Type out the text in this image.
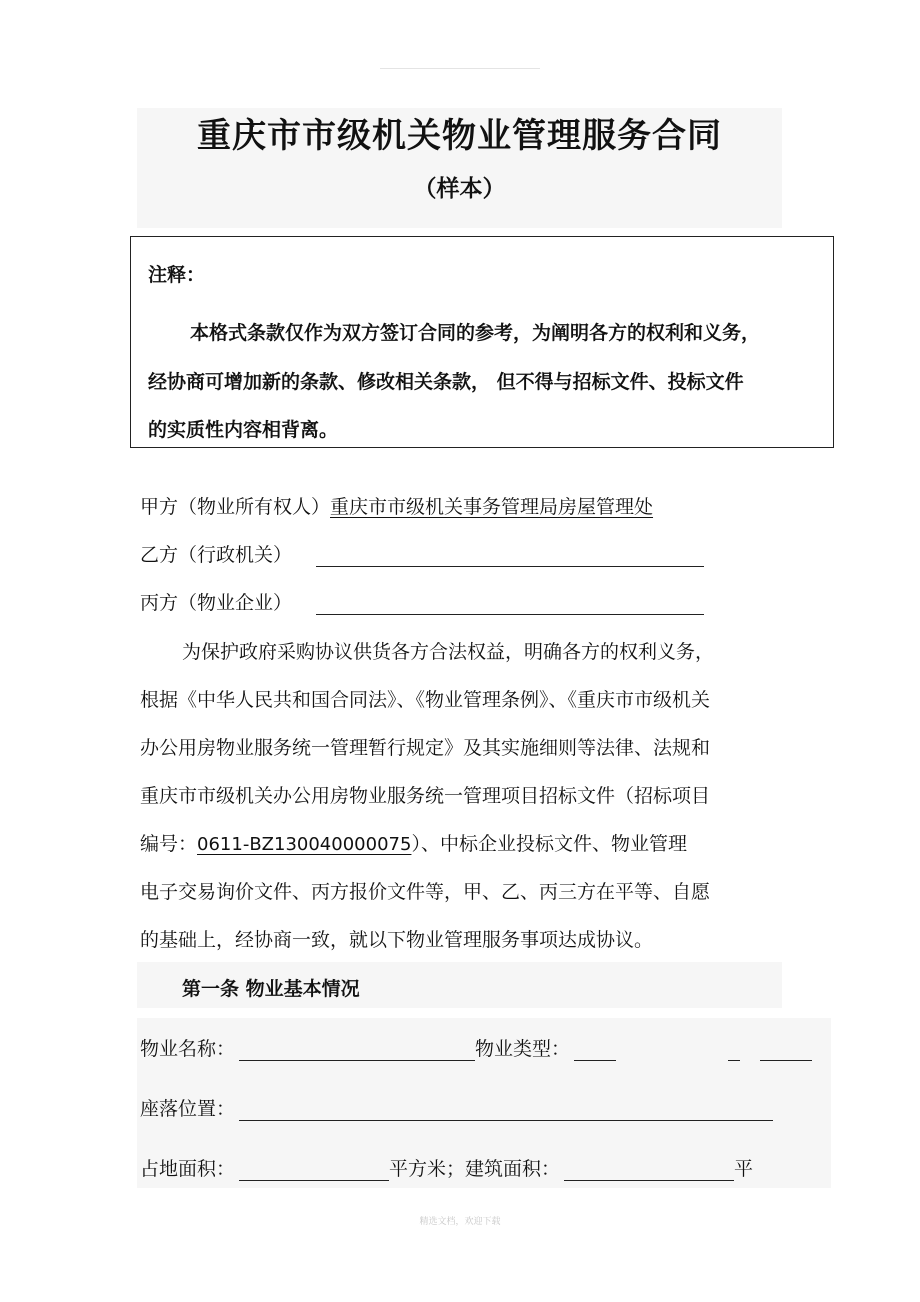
重庆市市级机关物业管理服务合同
（样本）
注释：
本格式条款仅作为双方签订合同的参考，为阐明各方的权利和义务，
经协商可增加新的条款、修改相关条款， 但不得与招标文件、投标文件
的实质性内容相背离。
甲方（物业所有权人）重庆市市级机关事务管理局房屋管理处
乙方（行政机关）
丙方（物业企业）
为保护政府采购协议供货各方合法权益，明确各方的权利义务，
根据《中华人民共和国合同法》、《物业管理条例》、《重庆市市级机关
办公用房物业服务统一管理暂行规定》及其实施细则等法律、法规和
重庆市市级机关办公用房物业服务统一管理项目招标文件（招标项目
编号：0611-BZ130040000075）、中标企业投标文件、物业管理
电子交易询价文件、丙方报价文件等，甲、乙、丙三方在平等、自愿
的基础上，经协商一致，就以下物业管理服务事项达成协议。
第一条 物业基本情况
物业名称：	物业类型：
座落位置：
占地面积：	平方米；建筑面积：	平
精选文档，欢迎下载
